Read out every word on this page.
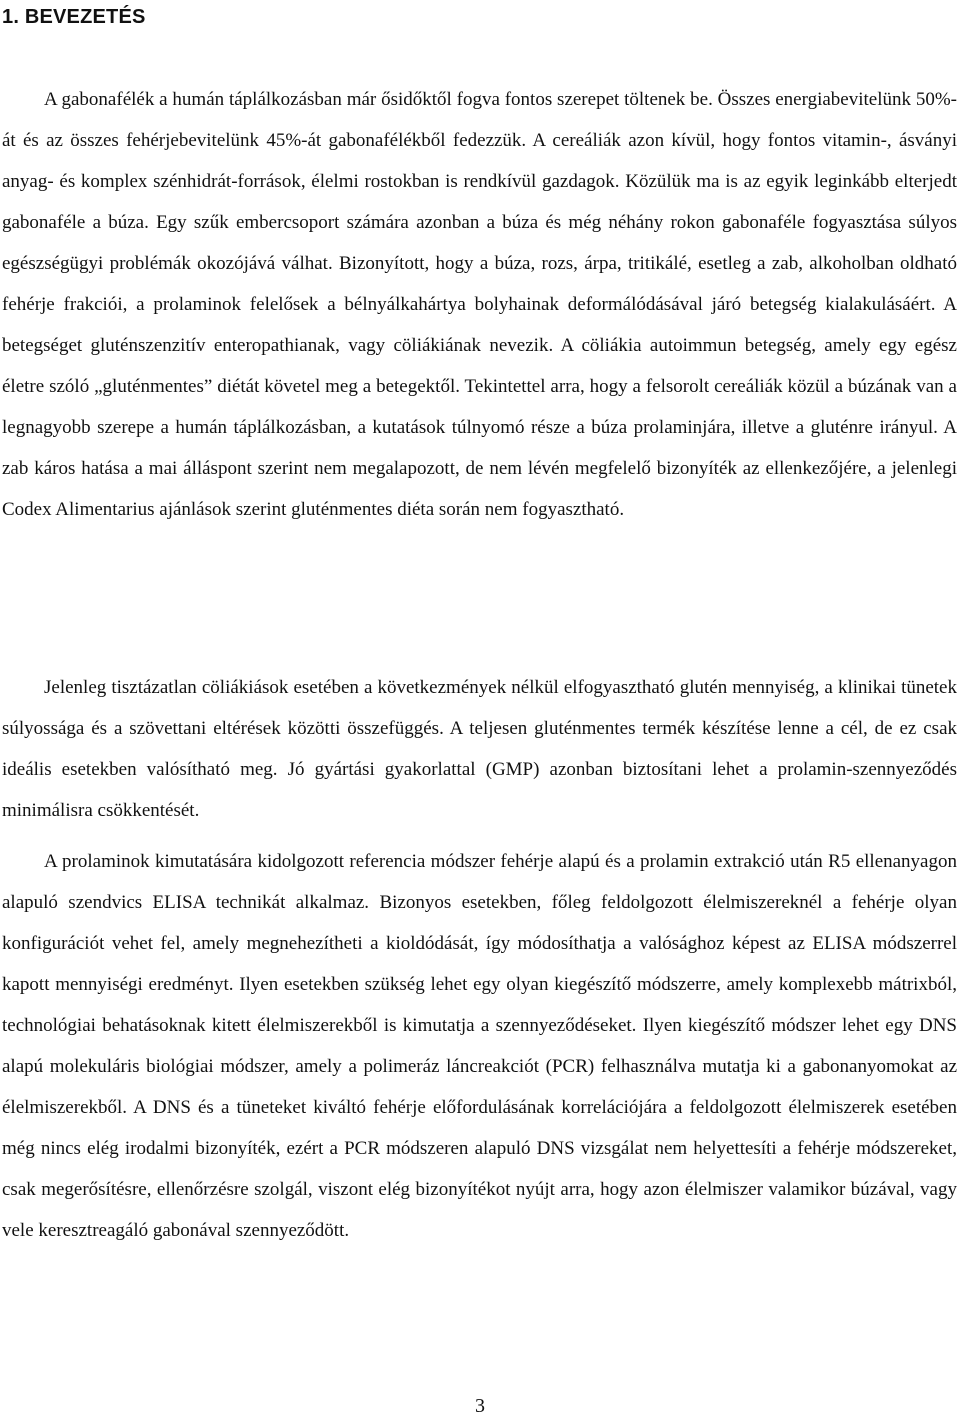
1. BEVEZETÉS

A gabonafélék a humán táplálkozásban már ősidőktől fogva fontos szerepet töltenek be. Összes energiabevitelünk 50%-át és az összes fehérjebevitelünk 45%-át gabonafélékből fedezzük. A cereáliák azon kívül, hogy fontos vitamin-, ásványi anyag- és komplex szénhidrát-források, élelmi rostokban is rendkívül gazdagok. Közülük ma is az egyik leginkább elterjedt gabonaféle a búza. Egy szűk embercsoport számára azonban a búza és még néhány rokon gabonaféle fogyasztása súlyos egészségügyi problémák okozójává válhat. Bizonyított, hogy a búza, rozs, árpa, tritikálé, esetleg a zab, alkoholban oldható fehérje frakciói, a prolaminok felelősek a bélnyálkahártya bolyhainak deformálódásával járó betegség kialakulásáért. A betegséget gluténszenzitív enteropathianak, vagy cöliákiának nevezik. A cöliákia autoimmun betegség, amely egy egész életre szóló „gluténmentes” diétát követel meg a betegektől. Tekintettel arra, hogy a felsorolt cereáliák közül a búzának van a legnagyobb szerepe a humán táplálkozásban, a kutatások túlnyomó része a búza prolaminjára, illetve a gluténre irányul. A zab káros hatása a mai álláspont szerint nem megalapozott, de nem lévén megfelelő bizonyíték az ellenkezőjére, a jelenlegi Codex Alimentarius ajánlások szerint gluténmentes diéta során nem fogyasztható.

Jelenleg tisztázatlan cöliákiások esetében a következmények nélkül elfogyasztható glutén mennyiség, a klinikai tünetek súlyossága és a szövettani eltérések közötti összefüggés. A teljesen gluténmentes termék készítése lenne a cél, de ez csak ideális esetekben valósítható meg. Jó gyártási gyakorlattal (GMP) azonban biztosítani lehet a prolamin-szennyeződés minimálisra csökkentését.

A prolaminok kimutatására kidolgozott referencia módszer fehérje alapú és a prolamin extrakció után R5 ellenanyagon alapuló szendvics ELISA technikát alkalmaz. Bizonyos esetekben, főleg feldolgozott élelmiszereknél a fehérje olyan konfigurációt vehet fel, amely megnehezítheti a kioldódását, így módosíthatja a valósághoz képest az ELISA módszerrel kapott mennyiségi eredményt. Ilyen esetekben szükség lehet egy olyan kiegészítő módszerre, amely komplexebb mátrixból, technológiai behatásoknak kitett élelmiszerekből is kimutatja a szennyeződéseket. Ilyen kiegészítő módszer lehet egy DNS alapú molekuláris biológiai módszer, amely a polimeráz láncreakciót (PCR) felhasználva mutatja ki a gabonanyomokat az élelmiszerekből. A DNS és a tüneteket kiváltó fehérje előfordulásának korrelációjára a feldolgozott élelmiszerek esetében még nincs elég irodalmi bizonyíték, ezért a PCR módszeren alapuló DNS vizsgálat nem helyettesíti a fehérje módszereket, csak megerősítésre, ellenőrzésre szolgál, viszont elég bizonyítékot nyújt arra, hogy azon élelmiszer valamikor búzával, vagy vele keresztreagáló gabonával szennyeződött.

3
